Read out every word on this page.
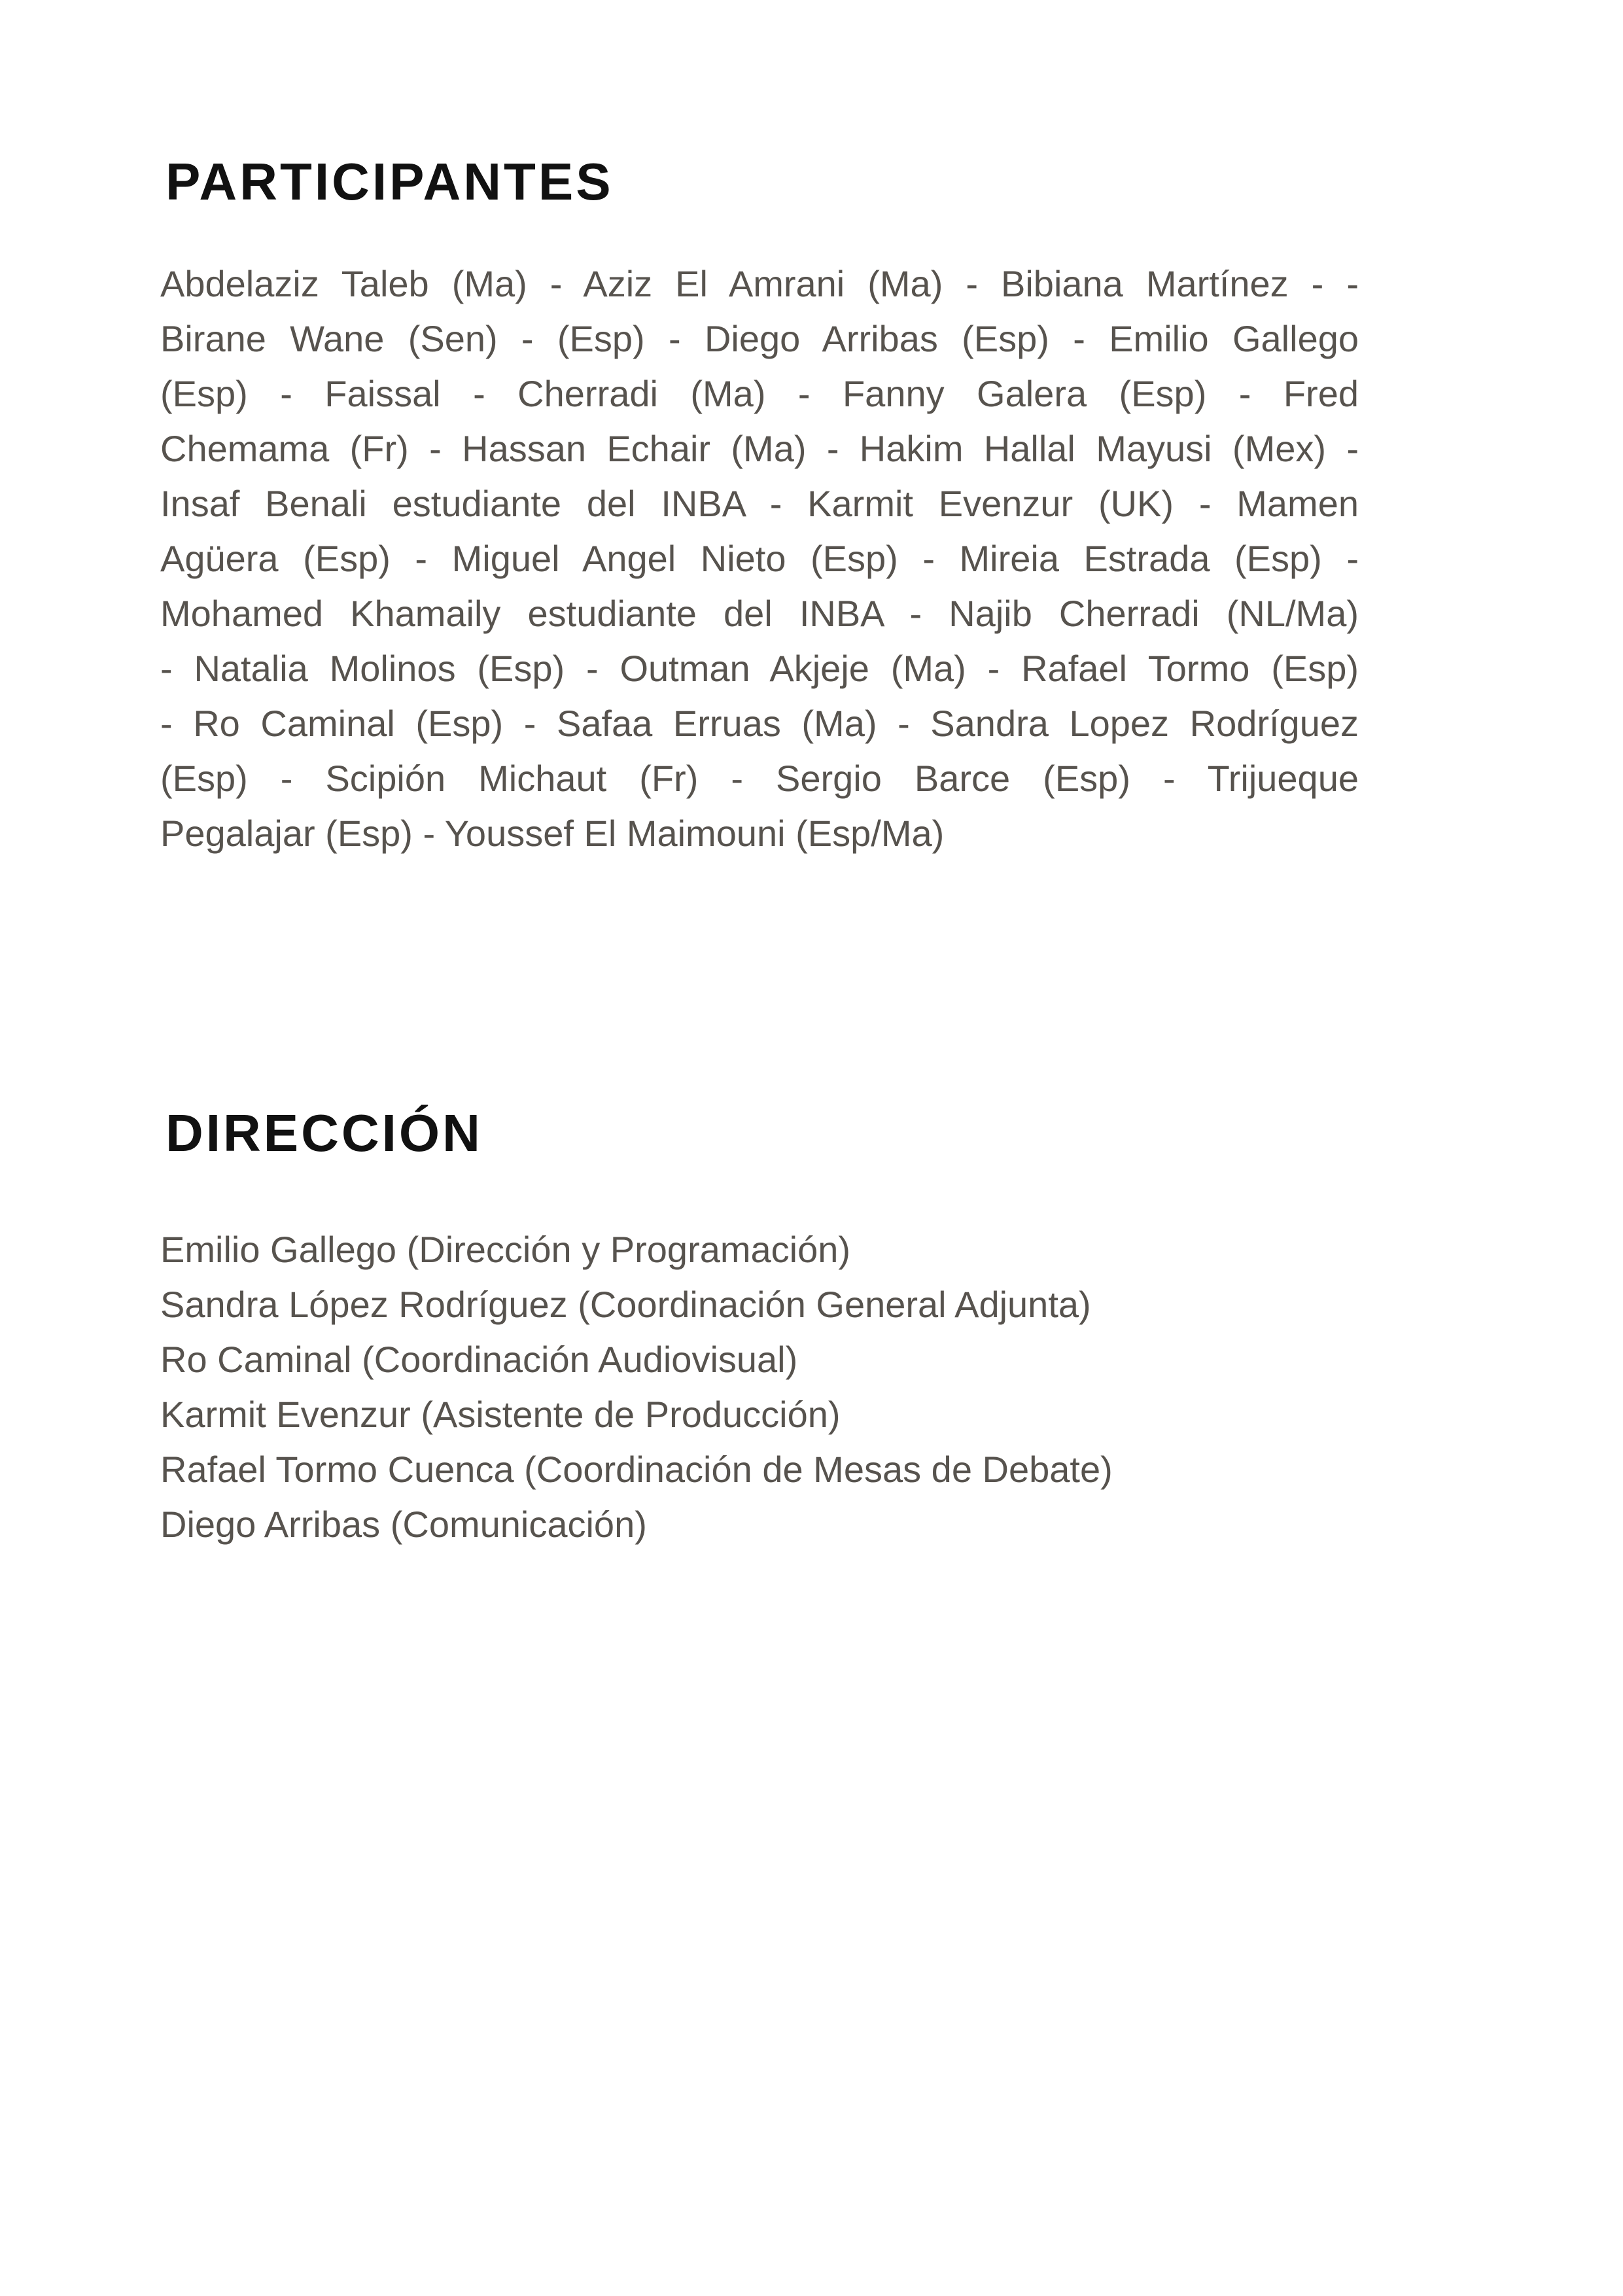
PARTICIPANTES
Abdelaziz Taleb (Ma) - Aziz El Amrani (Ma) - Bibiana Martínez - -
Birane Wane (Sen) - (Esp) - Diego Arribas (Esp) - Emilio Gallego
(Esp) - Faissal - Cherradi (Ma) - Fanny Galera (Esp) - Fred
Chemama (Fr) - Hassan Echair (Ma) - Hakim Hallal Mayusi (Mex) -
Insaf Benali estudiante del INBA - Karmit Evenzur (UK) - Mamen
Agüera (Esp) - Miguel Angel Nieto (Esp) - Mireia Estrada (Esp) -
Mohamed Khamaily estudiante del INBA - Najib Cherradi (NL/Ma)
- Natalia Molinos (Esp) - Outman Akjeje (Ma) - Rafael Tormo (Esp)
- Ro Caminal (Esp) - Safaa Erruas (Ma) - Sandra Lopez Rodríguez
(Esp) - Scipión Michaut (Fr) - Sergio Barce (Esp) - Trijueque
Pegalajar (Esp) - Youssef El Maimouni (Esp/Ma)
DIRECCIÓN
Emilio Gallego (Dirección y Programación)
Sandra López Rodríguez (Coordinación General Adjunta)
Ro Caminal (Coordinación Audiovisual)
Karmit Evenzur (Asistente de Producción)
Rafael Tormo Cuenca (Coordinación de Mesas de Debate)
Diego Arribas (Comunicación)
